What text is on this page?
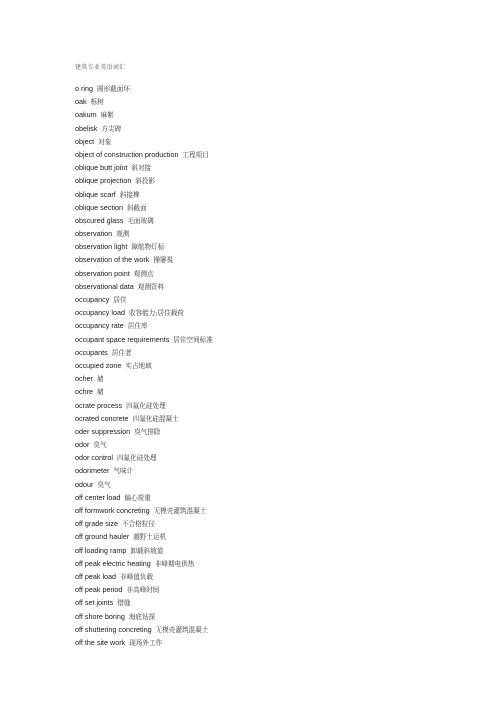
建筑专业英语词汇
o ring 圆形截面环
oak 栎树
oakum 麻絮
obelisk 方尖碑
object 对象
object of construction production 工程项目
oblique butt joint 斜对接
oblique projection 斜投影
oblique scarf 斜接榫
oblique section 斜截面
obscured glass 毛面玻璃
observation 观测
observation light 障航物灯标
observation of the work 操窭視
observation point 观测点
observational data 观测资料
occupancy 居住
occupancy load 收容能力;居住载荷
occupancy rate 居住率
occupant space requirements 居住空间标准
occupants 居住者
occupied zone 实占地域
ocher 赭
ochre 赭
ocrate process 四氟化硅处理
ocrated concrete 四氟化硅混凝土
oder suppression 臭气排除
odor 臭气
odor control 四氟化硅处理
odorimeter 气味计
odour 臭气
off center load 偏心荷重
off formwork concreting 无模壳灌筑混凝土
off grade size 不合格粒径
off ground hauler 越野土运机
off loading ramp 卸载斜坡道
off peak electric heating 非峰期电供热
off peak load 非峰值负载
off peak period 非高峰时间
off set joints 错缝
off shore boring 海底钻探
off shuttering concreting 无模壳灌筑混凝土
off the site work 现场外工作
